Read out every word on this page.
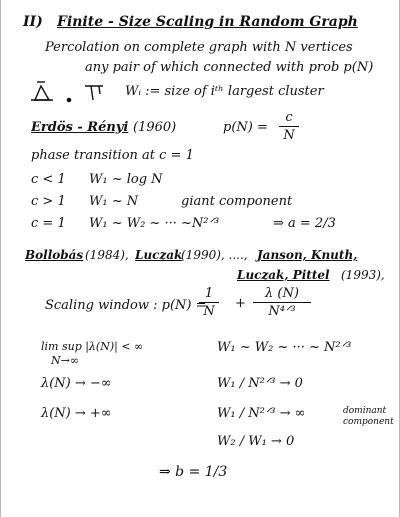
II) Finite - Size Scaling in Random Graph
Percolation on complete graph with N vertices
any pair of which connected with prob p(N)
Wᵢ := size of iᵗʰ largest cluster
Erdös - Rényi (1960)	p(N) =
c
N
phase transition at c = 1
c < 1 W₁ ~ log N
c > 1 W₁ ~ N	giant component
c = 1 W₁ ~ W₂ ~ ··· ~N²ᐟ³	⇒ a = 2/3
Bollobás (1984), Luczak
(1990), ...., Janson, Knuth,
Luczak, Pittel (1993),
Scaling window : p(N) =
1
N
+
λ (N)
N⁴ᐟ³
lim sup |λ(N)| < ∞
N→∞
W₁ ~ W₂ ~ ··· ~ N²ᐟ³
λ(N) → −∞	W₁ / N²ᐟ³ → 0
λ(N) → +∞	W₁ / N²ᐟ³ → ∞	dominant component
W₂ / W₁ → 0
⇒ b = 1/3
